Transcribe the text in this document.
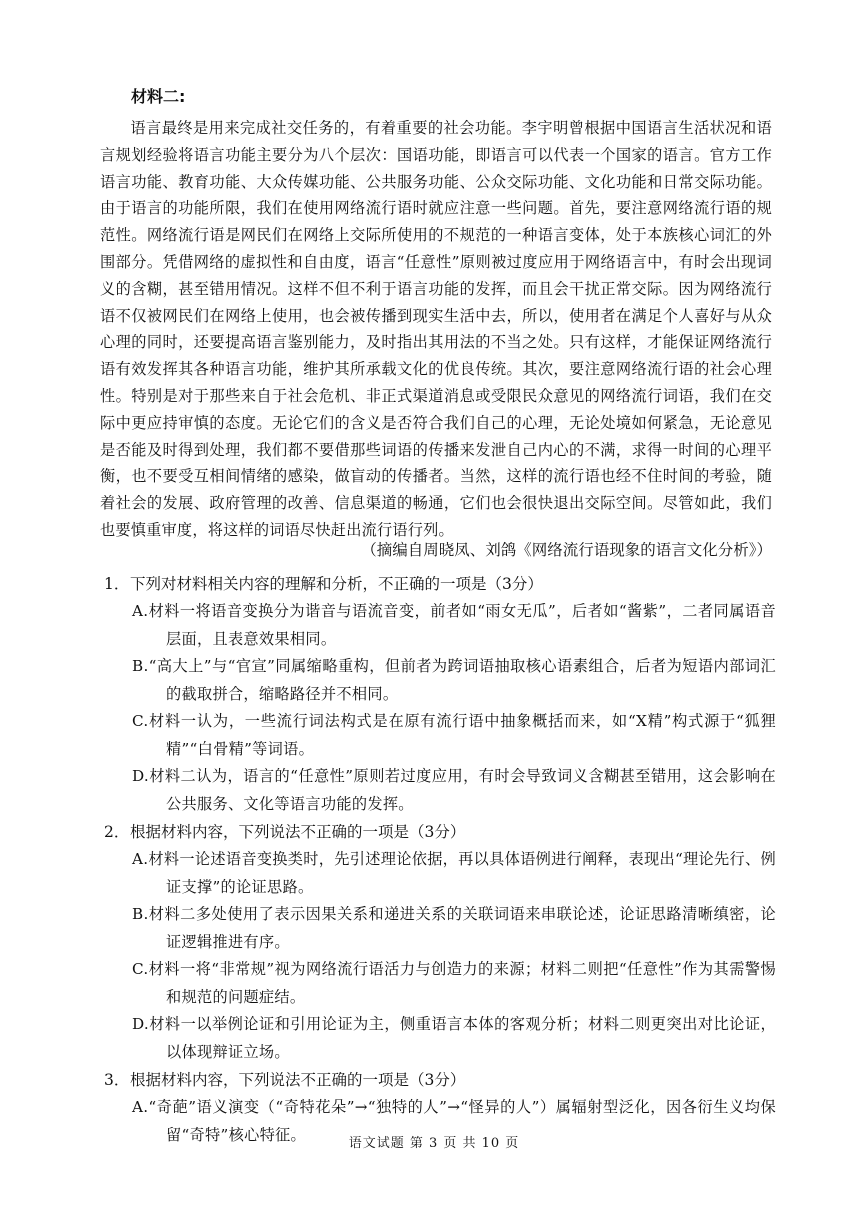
材料二:

语言最终是用来完成社交任务的，有着重要的社会功能。李宇明曾根据中国语言生活状况和语言规划经验将语言功能主要分为八个层次：国语功能，即语言可以代表一个国家的语言。官方工作语言功能、教育功能、大众传媒功能、公共服务功能、公众交际功能、文化功能和日常交际功能。由于语言的功能所限，我们在使用网络流行语时就应注意一些问题。首先，要注意网络流行语的规范性。网络流行语是网民们在网络上交际所使用的不规范的一种语言变体，处于本族核心词汇的外围部分。凭借网络的虚拟性和自由度，语言“任意性”原则被过度应用于网络语言中，有时会出现词义的含糊，甚至错用情况。这样不但不利于语言功能的发挥，而且会干扰正常交际。因为网络流行语不仅被网民们在网络上使用，也会被传播到现实生活中去，所以，使用者在满足个人喜好与从众心理的同时，还要提高语言鉴别能力，及时指出其用法的不当之处。只有这样，才能保证网络流行语有效发挥其各种语言功能，维护其所承载文化的优良传统。其次，要注意网络流行语的社会心理性。特别是对于那些来自于社会危机、非正式渠道消息或受限民众意见的网络流行词语，我们在交际中更应持审慎的态度。无论它们的含义是否符合我们自己的心理，无论处境如何紧急，无论意见是否能及时得到处理，我们都不要借那些词语的传播来发泄自己内心的不满，求得一时间的心理平衡，也不要受互相间情绪的感染，做盲动的传播者。当然，这样的流行语也经不住时间的考验，随着社会的发展、政府管理的改善、信息渠道的畅通，它们也会很快退出交际空间。尽管如此，我们也要慎重审度，将这样的词语尽快赶出流行语行列。

（摘编自周晓凤、刘鸽《网络流行语现象的语言文化分析》）

1． 下列对材料相关内容的理解和分析，不正确的一项是（3分）

A.材料一将语音变换分为谐音与语流音变，前者如“雨女无瓜”，后者如“酱紫”，二者同属语音层面，且表意效果相同。

B.“高大上”与“官宣”同属缩略重构，但前者为跨词语抽取核心语素组合，后者为短语内部词汇的截取拼合，缩略路径并不相同。

C.材料一认为，一些流行词法构式是在原有流行语中抽象概括而来，如“X精”构式源于“狐狸精”“白骨精”等词语。

D.材料二认为，语言的“任意性”原则若过度应用，有时会导致词义含糊甚至错用，这会影响在公共服务、文化等语言功能的发挥。

2． 根据材料内容，下列说法不正确的一项是（3分）

A.材料一论述语音变换类时，先引述理论依据，再以具体语例进行阐释，表现出“理论先行、例证支撑”的论证思路。

B.材料二多处使用了表示因果关系和递进关系的关联词语来串联论述，论证思路清晰缜密，论证逻辑推进有序。

C.材料一将“非常规”视为网络流行语活力与创造力的来源；材料二则把“任意性”作为其需警惕和规范的问题症结。

D.材料一以举例论证和引用论证为主，侧重语言本体的客观分析；材料二则更突出对比论证，以体现辩证立场。

3． 根据材料内容，下列说法不正确的一项是（3分）

A.“奇葩”语义演变（“奇特花朵”→“独特的人”→“怪异的人”）属辐射型泛化，因各衍生义均保留“奇特”核心特征。	语文试题 第 3 页 共 10 页
